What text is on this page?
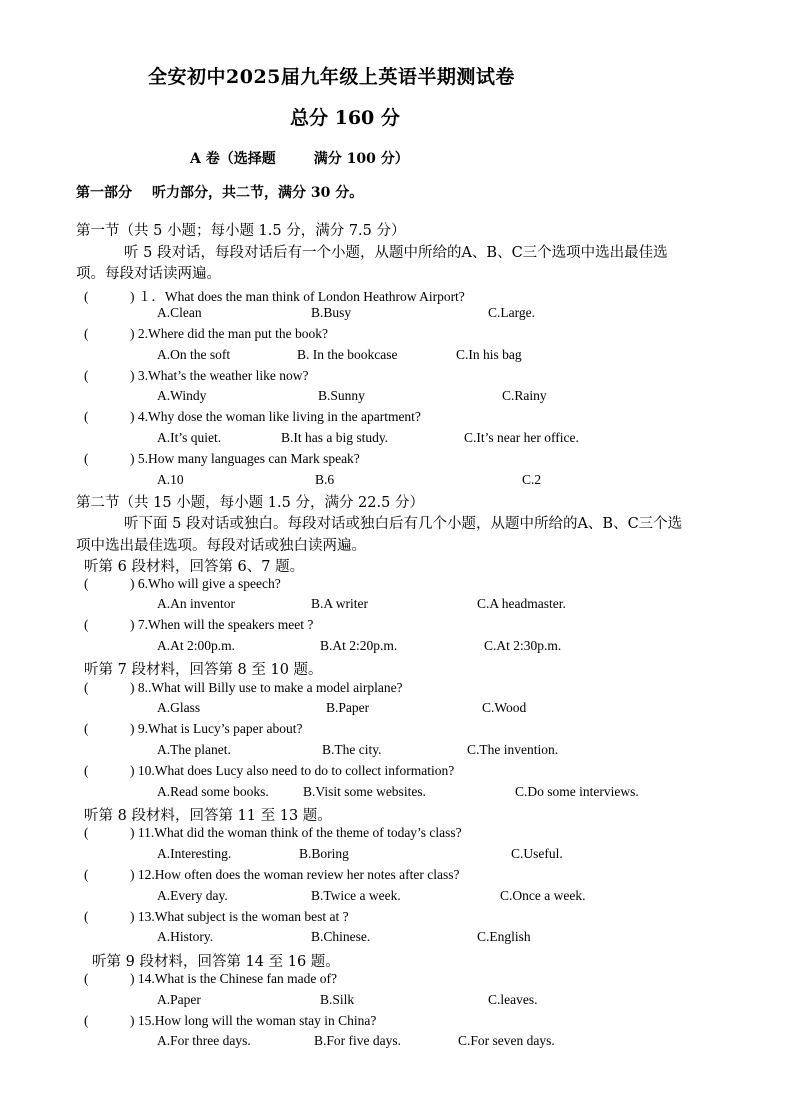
全安初中2025届九年级上英语半期测试卷
总分 160 分
A 卷（选择题	满分 100 分）
第一部分 听力部分，共二节，满分 30 分。
第一节（共 5 小题；每小题 1.5 分，满分 7.5 分）
听 5 段对话，每段对话后有一个小题，从题中所给的A、B、C三个选项中选出最佳选
项。每段对话读两遍。
(	) １．What does the man think of London Heathrow Airport?
A.Clean	B.Busy	C.Large.
(	) 2.Where did the man put the book?
A.On the soft	B. In the bookcase	C.In his bag
(	) 3.What’s the weather like now?
A.Windy	B.Sunny	C.Rainy
(	) 4.Why dose the woman like living in the apartment?
A.It’s quiet.	B.It has a big study.	C.It’s near her office.
(	) 5.How many languages can Mark speak?
A.10	B.6	C.2
第二节（共 15 小题，每小题 1.5 分，满分 22.5 分）
听下面 5 段对话或独白。每段对话或独白后有几个小题，从题中所给的A、B、C三个选
项中选出最佳选项。每段对话或独白读两遍。
听第 6 段材料，回答第 6、7 题。
(	) 6.Who will give a speech?
A.An inventor	B.A writer	C.A headmaster.
(	) 7.When will the speakers meet ?
A.At 2:00p.m.	B.At 2:20p.m.	C.At 2:30p.m.
听第 7 段材料，回答第 8 至 10 题。
(	) 8..What will Billy use to make a model airplane?
A.Glass	B.Paper	C.Wood
(	) 9.What is Lucy’s paper about?
A.The planet.	B.The city.	C.The invention.
(	) 10.What does Lucy also need to do to collect information?
A.Read some books.	B.Visit some websites.	C.Do some interviews.
听第 8 段材料，回答第 11 至 13 题。
(	) 11.What did the woman think of the theme of today’s class?
A.Interesting.	B.Boring	C.Useful.
(	) 12.How often does the woman review her notes after class?
A.Every day.	B.Twice a week.	C.Once a week.
(	) 13.What subject is the woman best at ?
A.History.	B.Chinese.	C.English
听第 9 段材料，回答第 14 至 16 题。
(	) 14.What is the Chinese fan made of?
A.Paper	B.Silk	C.leaves.
(	) 15.How long will the woman stay in China?
A.For three days.	B.For five days.	C.For seven days.
